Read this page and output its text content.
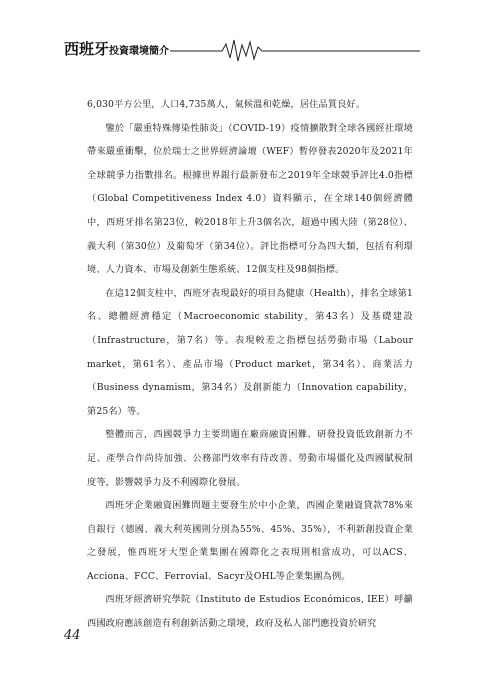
西班牙投資環境簡介

6,030平方公里，人口4,735萬人，氣候溫和乾燥，居住品質良好。

鑒於「嚴重特殊傳染性肺炎」（COVID-19）疫情擴散對全球各國經社環境帶來嚴重衝擊，位於瑞士之世界經濟論壇（WEF）暫停發表2020年及2021年全球競爭力指數排名。根據世界銀行最新發布之2019年全球競爭評比4.0指標（Global Competitiveness Index 4.0）資料顯示，在全球140個經濟體中，西班牙排名第23位，較2018年上升3個名次，超過中國大陸（第28位）、義大利（第30位）及葡萄牙（第34位）。評比指標可分為四大類，包括有利環境、人力資本、市場及創新生態系統、12個支柱及98個指標。

在這12個支柱中，西班牙表現最好的項目為健康（Health），排名全球第1名、總體經濟穩定（Macroeconomic stability，第43名）及基礎建設（Infrastructure，第7名）等。表現較差之指標包括勞動市場（Labour market，第61名）、產品市場（Product market，第34名）、商業活力（Business dynamism，第34名）及創新能力（Innovation capability，第25名）等。

整體而言，西國競爭力主要問題在廠商融資困難、研發投資低致創新力不足、產學合作尚待加強、公務部門效率有待改善、勞動市場僵化及西國賦稅制度等，影響競爭力及不利國際化發展。

西班牙企業融資困難問題主要發生於中小企業，西國企業融資貸款78%來自銀行（德國、義大利英國則分別為55%、45%、35%），不利新創投資企業之發展，惟西班牙大型企業集團在國際化之表現則相當成功，可以ACS、Acciona、FCC、Ferrovial、Sacyr及OHL等企業集團為例。

西班牙經濟研究學院（Instituto de Estudios Económicos, IEE）呼籲西國政府應該創造有利創新活動之環境，政府及私人部門應投資於研究

44
